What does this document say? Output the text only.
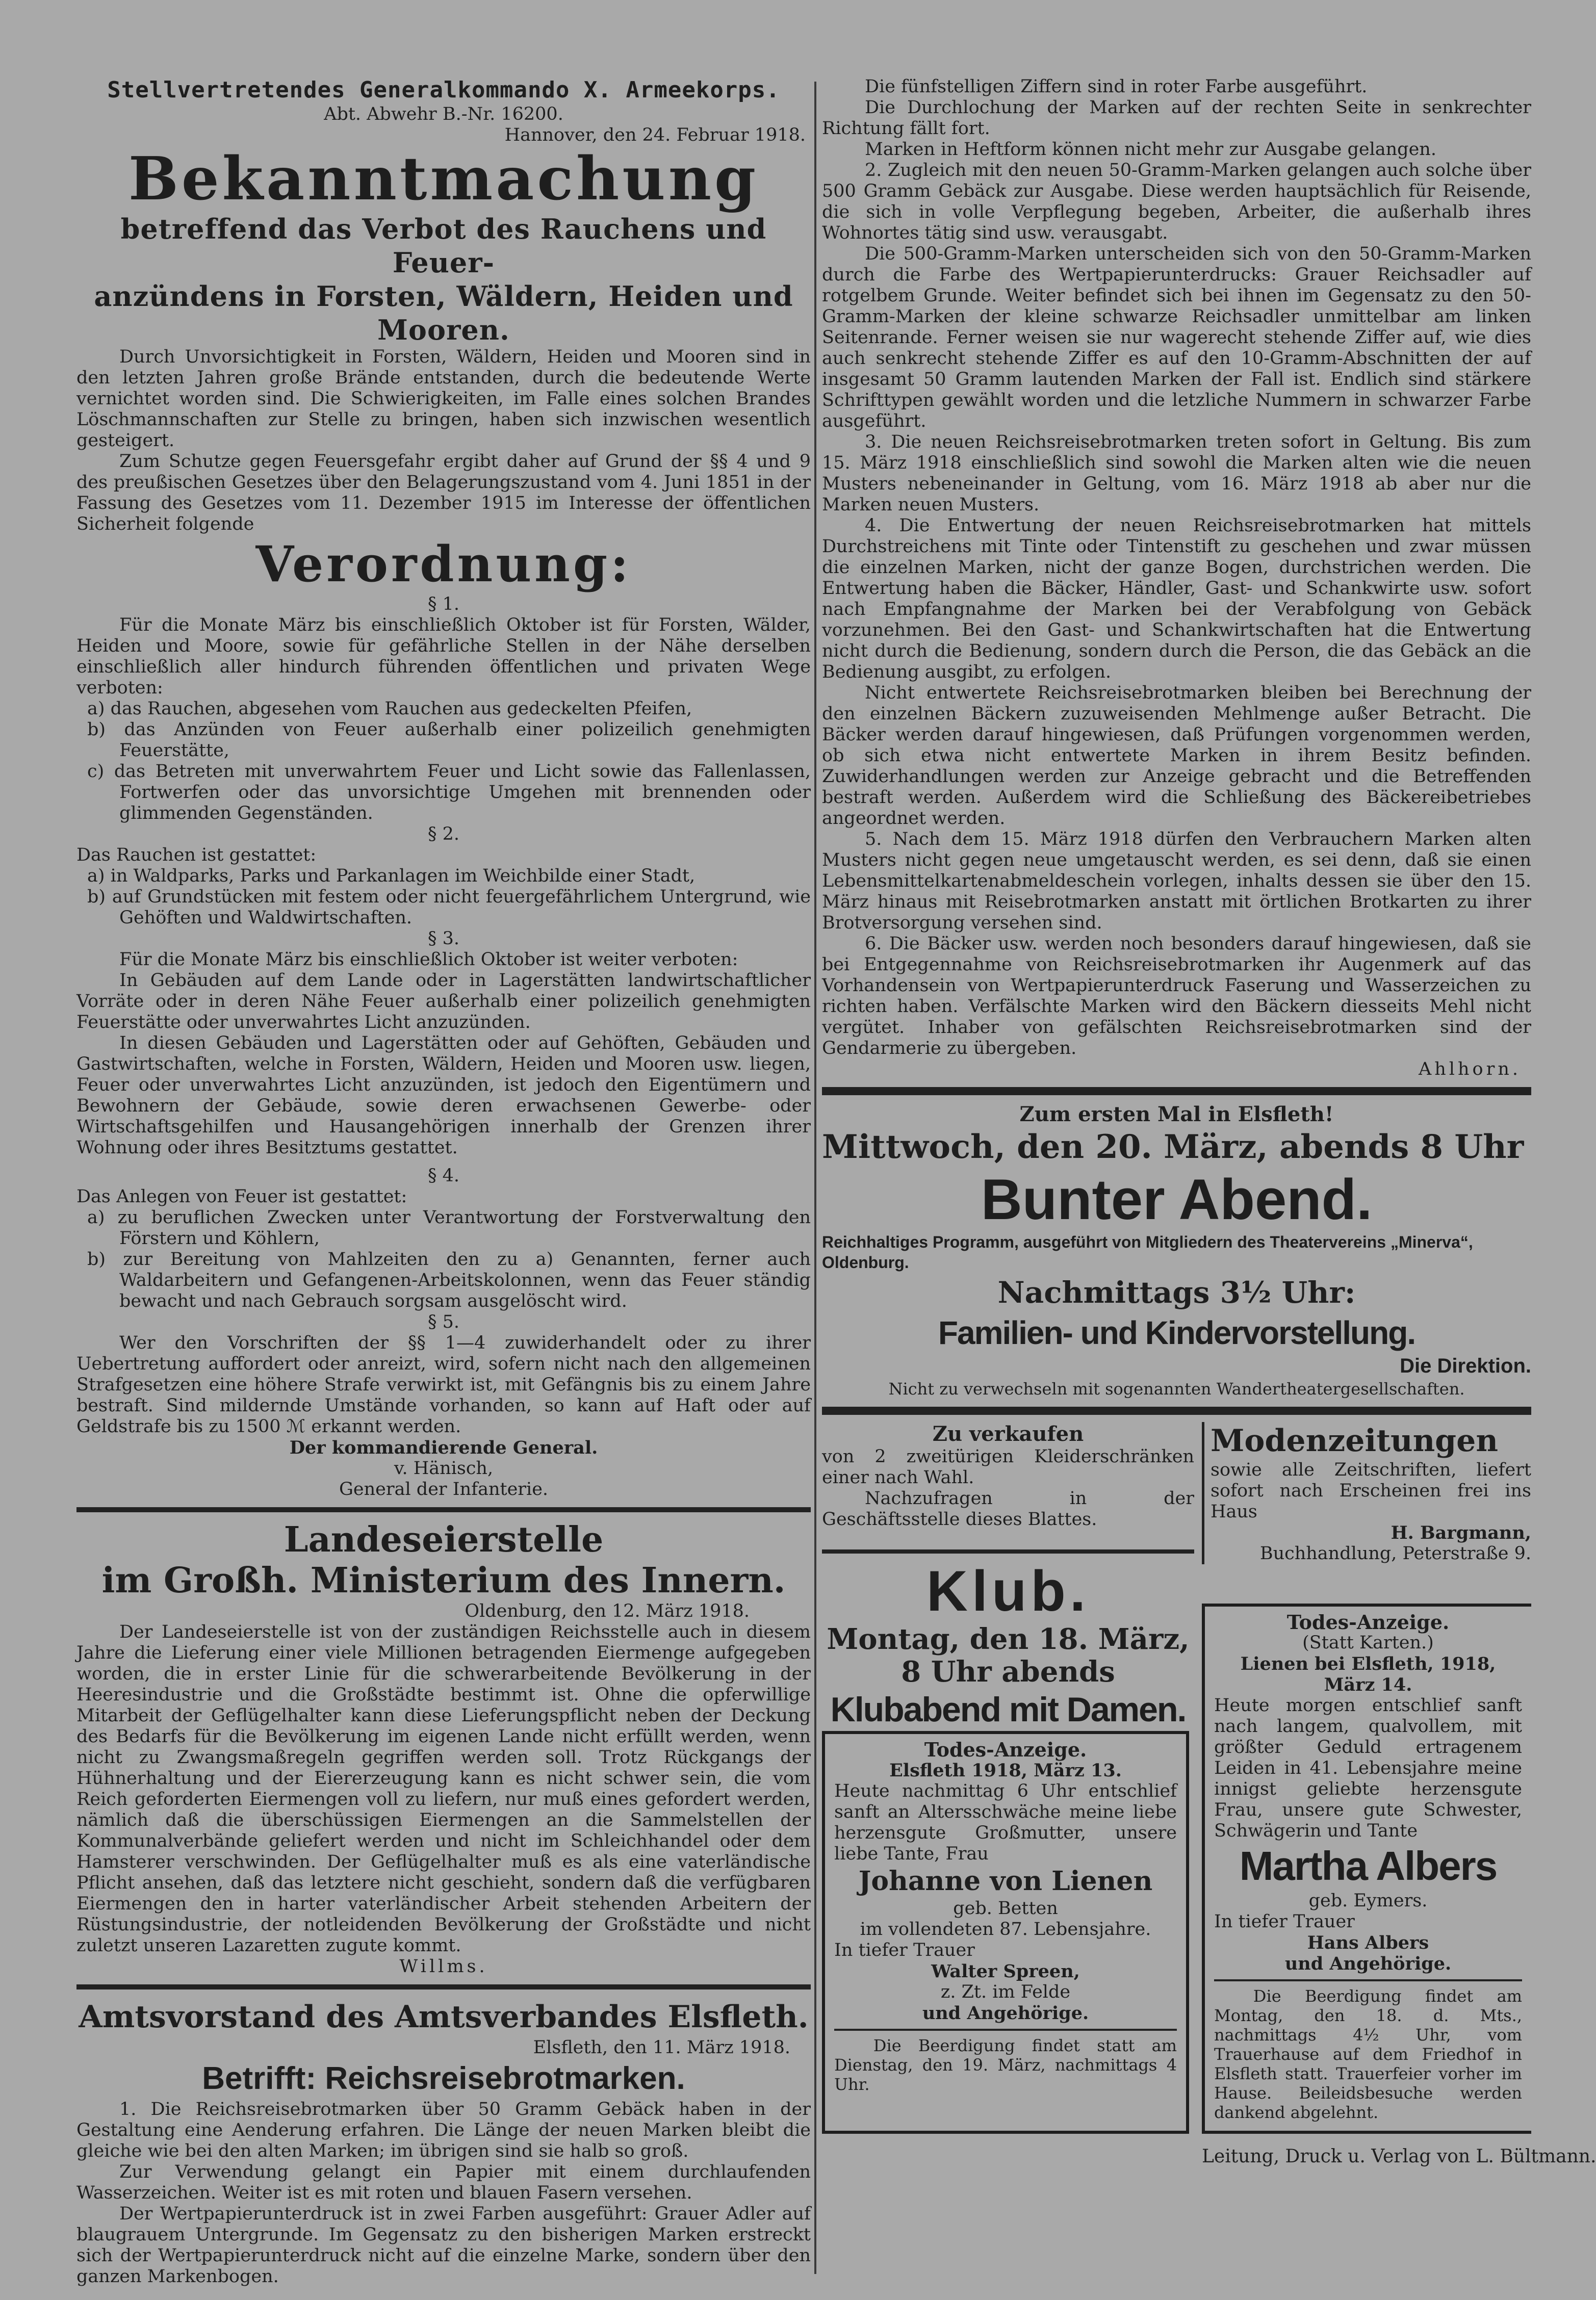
Stellvertretendes Generalkommando X. Armeekorps.

Abt. Abwehr B.-Nr. 16200.

Hannover, den 24. Februar 1918.

Bekanntmachung
betreffend das Verbot des Rauchens und Feuer-
anzündens in Forsten, Wäldern, Heiden und Mooren.

Durch Unvorsichtigkeit in Forsten, Wäldern, Heiden und Mooren sind in den letzten Jahren große Brände entstanden, durch die bedeutende Werte vernichtet worden sind. Die Schwierigkeiten, im Falle eines solchen Brandes Löschmannschaften zur Stelle zu bringen, haben sich inzwischen wesentlich gesteigert.

Zum Schutze gegen Feuersgefahr ergibt daher auf Grund der §§ 4 und 9 des preußischen Gesetzes über den Belagerungszustand vom 4. Juni 1851 in der Fassung des Gesetzes vom 11. Dezember 1915 im Interesse der öffentlichen Sicherheit folgende

Verordnung:

§ 1.

Für die Monate März bis einschließlich Oktober ist für Forsten, Wälder, Heiden und Moore, sowie für gefährliche Stellen in der Nähe derselben einschließlich aller hindurch führenden öffentlichen und privaten Wege verboten:

a) das Rauchen, abgesehen vom Rauchen aus gedeckelten Pfeifen,

b) das Anzünden von Feuer außerhalb einer polizeilich genehmigten Feuerstätte,

c) das Betreten mit unverwahrtem Feuer und Licht sowie das Fallenlassen, Fortwerfen oder das unvorsichtige Umgehen mit brennenden oder glimmenden Gegenständen.

§ 2.

Das Rauchen ist gestattet:

a) in Waldparks, Parks und Parkanlagen im Weichbilde einer Stadt,

b) auf Grundstücken mit festem oder nicht feuergefährlichem Untergrund, wie Gehöften und Waldwirtschaften.

§ 3.

Für die Monate März bis einschließlich Oktober ist weiter verboten:

In Gebäuden auf dem Lande oder in Lagerstätten landwirtschaftlicher Vorräte oder in deren Nähe Feuer außerhalb einer polizeilich genehmigten Feuerstätte oder unverwahrtes Licht anzuzünden.

In diesen Gebäuden und Lagerstätten oder auf Gehöften, Gebäuden und Gastwirtschaften, welche in Forsten, Wäldern, Heiden und Mooren usw. liegen, Feuer oder unverwahrtes Licht anzuzünden, ist jedoch den Eigentümern und Bewohnern der Gebäude, sowie deren erwachsenen Gewerbe- oder Wirtschaftsgehilfen und Hausangehörigen innerhalb der Grenzen ihrer Wohnung oder ihres Besitztums gestattet.

§ 4.

Das Anlegen von Feuer ist gestattet:

a) zu beruflichen Zwecken unter Verantwortung der Forstverwaltung den Förstern und Köhlern,

b) zur Bereitung von Mahlzeiten den zu a) Genannten, ferner auch Waldarbeitern und Gefangenen-Arbeitskolonnen, wenn das Feuer ständig bewacht und nach Gebrauch sorgsam ausgelöscht wird.

§ 5.

Wer den Vorschriften der §§ 1—4 zuwiderhandelt oder zu ihrer Uebertretung auffordert oder anreizt, wird, sofern nicht nach den allgemeinen Strafgesetzen eine höhere Strafe verwirkt ist, mit Gefängnis bis zu einem Jahre bestraft. Sind mildernde Umstände vorhanden, so kann auf Haft oder auf Geldstrafe bis zu 1500 ℳ erkannt werden.

Der kommandierende General.

v. Hänisch,

General der Infanterie.

Landeseierstelle
im Großh. Ministerium des Innern.

Oldenburg, den 12. März 1918.

Der Landeseierstelle ist von der zuständigen Reichsstelle auch in diesem Jahre die Lieferung einer viele Millionen betragenden Eiermenge aufgegeben worden, die in erster Linie für die schwerarbeitende Bevölkerung in der Heeresindustrie und die Großstädte bestimmt ist. Ohne die opferwillige Mitarbeit der Geflügelhalter kann diese Lieferungspflicht neben der Deckung des Bedarfs für die Bevölkerung im eigenen Lande nicht erfüllt werden, wenn nicht zu Zwangsmaßregeln gegriffen werden soll. Trotz Rückgangs der Hühnerhaltung und der Eiererzeugung kann es nicht schwer sein, die vom Reich geforderten Eiermengen voll zu liefern, nur muß eines gefordert werden, nämlich daß die überschüssigen Eiermengen an die Sammelstellen der Kommunalverbände geliefert werden und nicht im Schleichhandel oder dem Hamsterer verschwinden. Der Geflügelhalter muß es als eine vaterländische Pflicht ansehen, daß das letztere nicht geschieht, sondern daß die verfügbaren Eiermengen den in harter vaterländischer Arbeit stehenden Arbeitern der Rüstungsindustrie, der notleidenden Bevölkerung der Großstädte und nicht zuletzt unseren Lazaretten zugute kommt.

Willms.

Amtsvorstand des Amtsverbandes Elsfleth.

Elsfleth, den 11. März 1918.

Betrifft: Reichsreisebrotmarken.

1. Die Reichsreisebrotmarken über 50 Gramm Gebäck haben in der Gestaltung eine Aenderung erfahren. Die Länge der neuen Marken bleibt die gleiche wie bei den alten Marken; im übrigen sind sie halb so groß.

Zur Verwendung gelangt ein Papier mit einem durchlaufenden Wasserzeichen. Weiter ist es mit roten und blauen Fasern versehen.

Der Wertpapierunterdruck ist in zwei Farben ausgeführt: Grauer Adler auf blaugrauem Untergrunde. Im Gegensatz zu den bisherigen Marken erstreckt sich der Wertpapierunterdruck nicht auf die einzelne Marke, sondern über den ganzen Markenbogen.

Die fünfstelligen Ziffern sind in roter Farbe ausgeführt.

Die Durchlochung der Marken auf der rechten Seite in senkrechter Richtung fällt fort.

Marken in Heftform können nicht mehr zur Ausgabe gelangen.

2. Zugleich mit den neuen 50-Gramm-Marken gelangen auch solche über 500 Gramm Gebäck zur Ausgabe. Diese werden hauptsächlich für Reisende, die sich in volle Verpflegung begeben, Arbeiter, die außerhalb ihres Wohnortes tätig sind usw. verausgabt.

Die 500-Gramm-Marken unterscheiden sich von den 50-Gramm-Marken durch die Farbe des Wertpapierunterdrucks: Grauer Reichsadler auf rotgelbem Grunde. Weiter befindet sich bei ihnen im Gegensatz zu den 50-Gramm-Marken der kleine schwarze Reichsadler unmittelbar am linken Seitenrande. Ferner weisen sie nur wagerecht stehende Ziffer auf, wie dies auch senkrecht stehende Ziffer es auf den 10-Gramm-Abschnitten der auf insgesamt 50 Gramm lautenden Marken der Fall ist. Endlich sind stärkere Schrifttypen gewählt worden und die letzliche Nummern in schwarzer Farbe ausgeführt.

3. Die neuen Reichsreisebrotmarken treten sofort in Geltung. Bis zum 15. März 1918 einschließlich sind sowohl die Marken alten wie die neuen Musters nebeneinander in Geltung, vom 16. März 1918 ab aber nur die Marken neuen Musters.

4. Die Entwertung der neuen Reichsreisebrotmarken hat mittels Durchstreichens mit Tinte oder Tintenstift zu geschehen und zwar müssen die einzelnen Marken, nicht der ganze Bogen, durchstrichen werden. Die Entwertung haben die Bäcker, Händler, Gast- und Schankwirte usw. sofort nach Empfangnahme der Marken bei der Verabfolgung von Gebäck vorzunehmen. Bei den Gast- und Schankwirtschaften hat die Entwertung nicht durch die Bedienung, sondern durch die Person, die das Gebäck an die Bedienung ausgibt, zu erfolgen.

Nicht entwertete Reichsreisebrotmarken bleiben bei Berechnung der den einzelnen Bäckern zuzuweisenden Mehlmenge außer Betracht. Die Bäcker werden darauf hingewiesen, daß Prüfungen vorgenommen werden, ob sich etwa nicht entwertete Marken in ihrem Besitz befinden. Zuwiderhandlungen werden zur Anzeige gebracht und die Betreffenden bestraft werden. Außerdem wird die Schließung des Bäckereibetriebes angeordnet werden.

5. Nach dem 15. März 1918 dürfen den Verbrauchern Marken alten Musters nicht gegen neue umgetauscht werden, es sei denn, daß sie einen Lebensmittelkartenabmeldeschein vorlegen, inhalts dessen sie über den 15. März hinaus mit Reisebrotmarken anstatt mit örtlichen Brotkarten zu ihrer Brotversorgung versehen sind.

6. Die Bäcker usw. werden noch besonders darauf hingewiesen, daß sie bei Entgegennahme von Reichsreisebrotmarken ihr Augenmerk auf das Vorhandensein von Wertpapierunterdruck Faserung und Wasserzeichen zu richten haben. Verfälschte Marken wird den Bäckern diesseits Mehl nicht vergütet. Inhaber von gefälschten Reichsreisebrotmarken sind der Gendarmerie zu übergeben.

Ahlhorn.

Zum ersten Mal in Elsfleth!

Mittwoch, den 20. März, abends 8 Uhr
Bunter Abend.

Reichhaltiges Programm, ausgeführt von Mitgliedern des Theatervereins „Minerva“, Oldenburg.

Nachmittags 3½ Uhr:
Familien- und Kindervorstellung.

Die Direktion.

Nicht zu verwechseln mit sogenannten Wandertheatergesellschaften.

Zu verkaufen

von 2 zweitürigen Kleiderschränken einer nach Wahl.

Nachzufragen in der Geschäftsstelle dieses Blattes.

Modenzeitungen

sowie alle Zeitschriften, liefert sofort nach Erscheinen frei ins Haus

H. Bargmann,

Buchhandlung, Peterstraße 9.

Klub.
Montag, den 18. März,
8 Uhr abends
Klubabend mit Damen.

Todes-Anzeige.

Elsfleth 1918, März 13.

Heute nachmittag 6 Uhr entschlief sanft an Altersschwäche meine liebe herzensgute Großmutter, unsere liebe Tante, Frau

Johanne von Lienen

geb. Betten

im vollendeten 87. Lebensjahre.

In tiefer Trauer

Walter Spreen,

z. Zt. im Felde

und Angehörige.

Die Beerdigung findet statt am Dienstag, den 19. März, nachmittags 4 Uhr.

Todes-Anzeige.

(Statt Karten.)

Lienen bei Elsfleth, 1918, März 14.

Heute morgen entschlief sanft nach langem, qualvollem, mit größter Geduld ertragenem Leiden in 41. Lebensjahre meine innigst geliebte herzensgute Frau, unsere gute Schwester, Schwägerin und Tante

Martha Albers

geb. Eymers.

In tiefer Trauer

Hans Albers

und Angehörige.

Die Beerdigung findet am Montag, den 18. d. Mts., nachmittags 4½ Uhr, vom Trauerhause auf dem Friedhof in Elsfleth statt. Trauerfeier vorher im Hause. Beileidsbesuche werden dankend abgelehnt.

Leitung, Druck u. Verlag von L. Bültmann.
